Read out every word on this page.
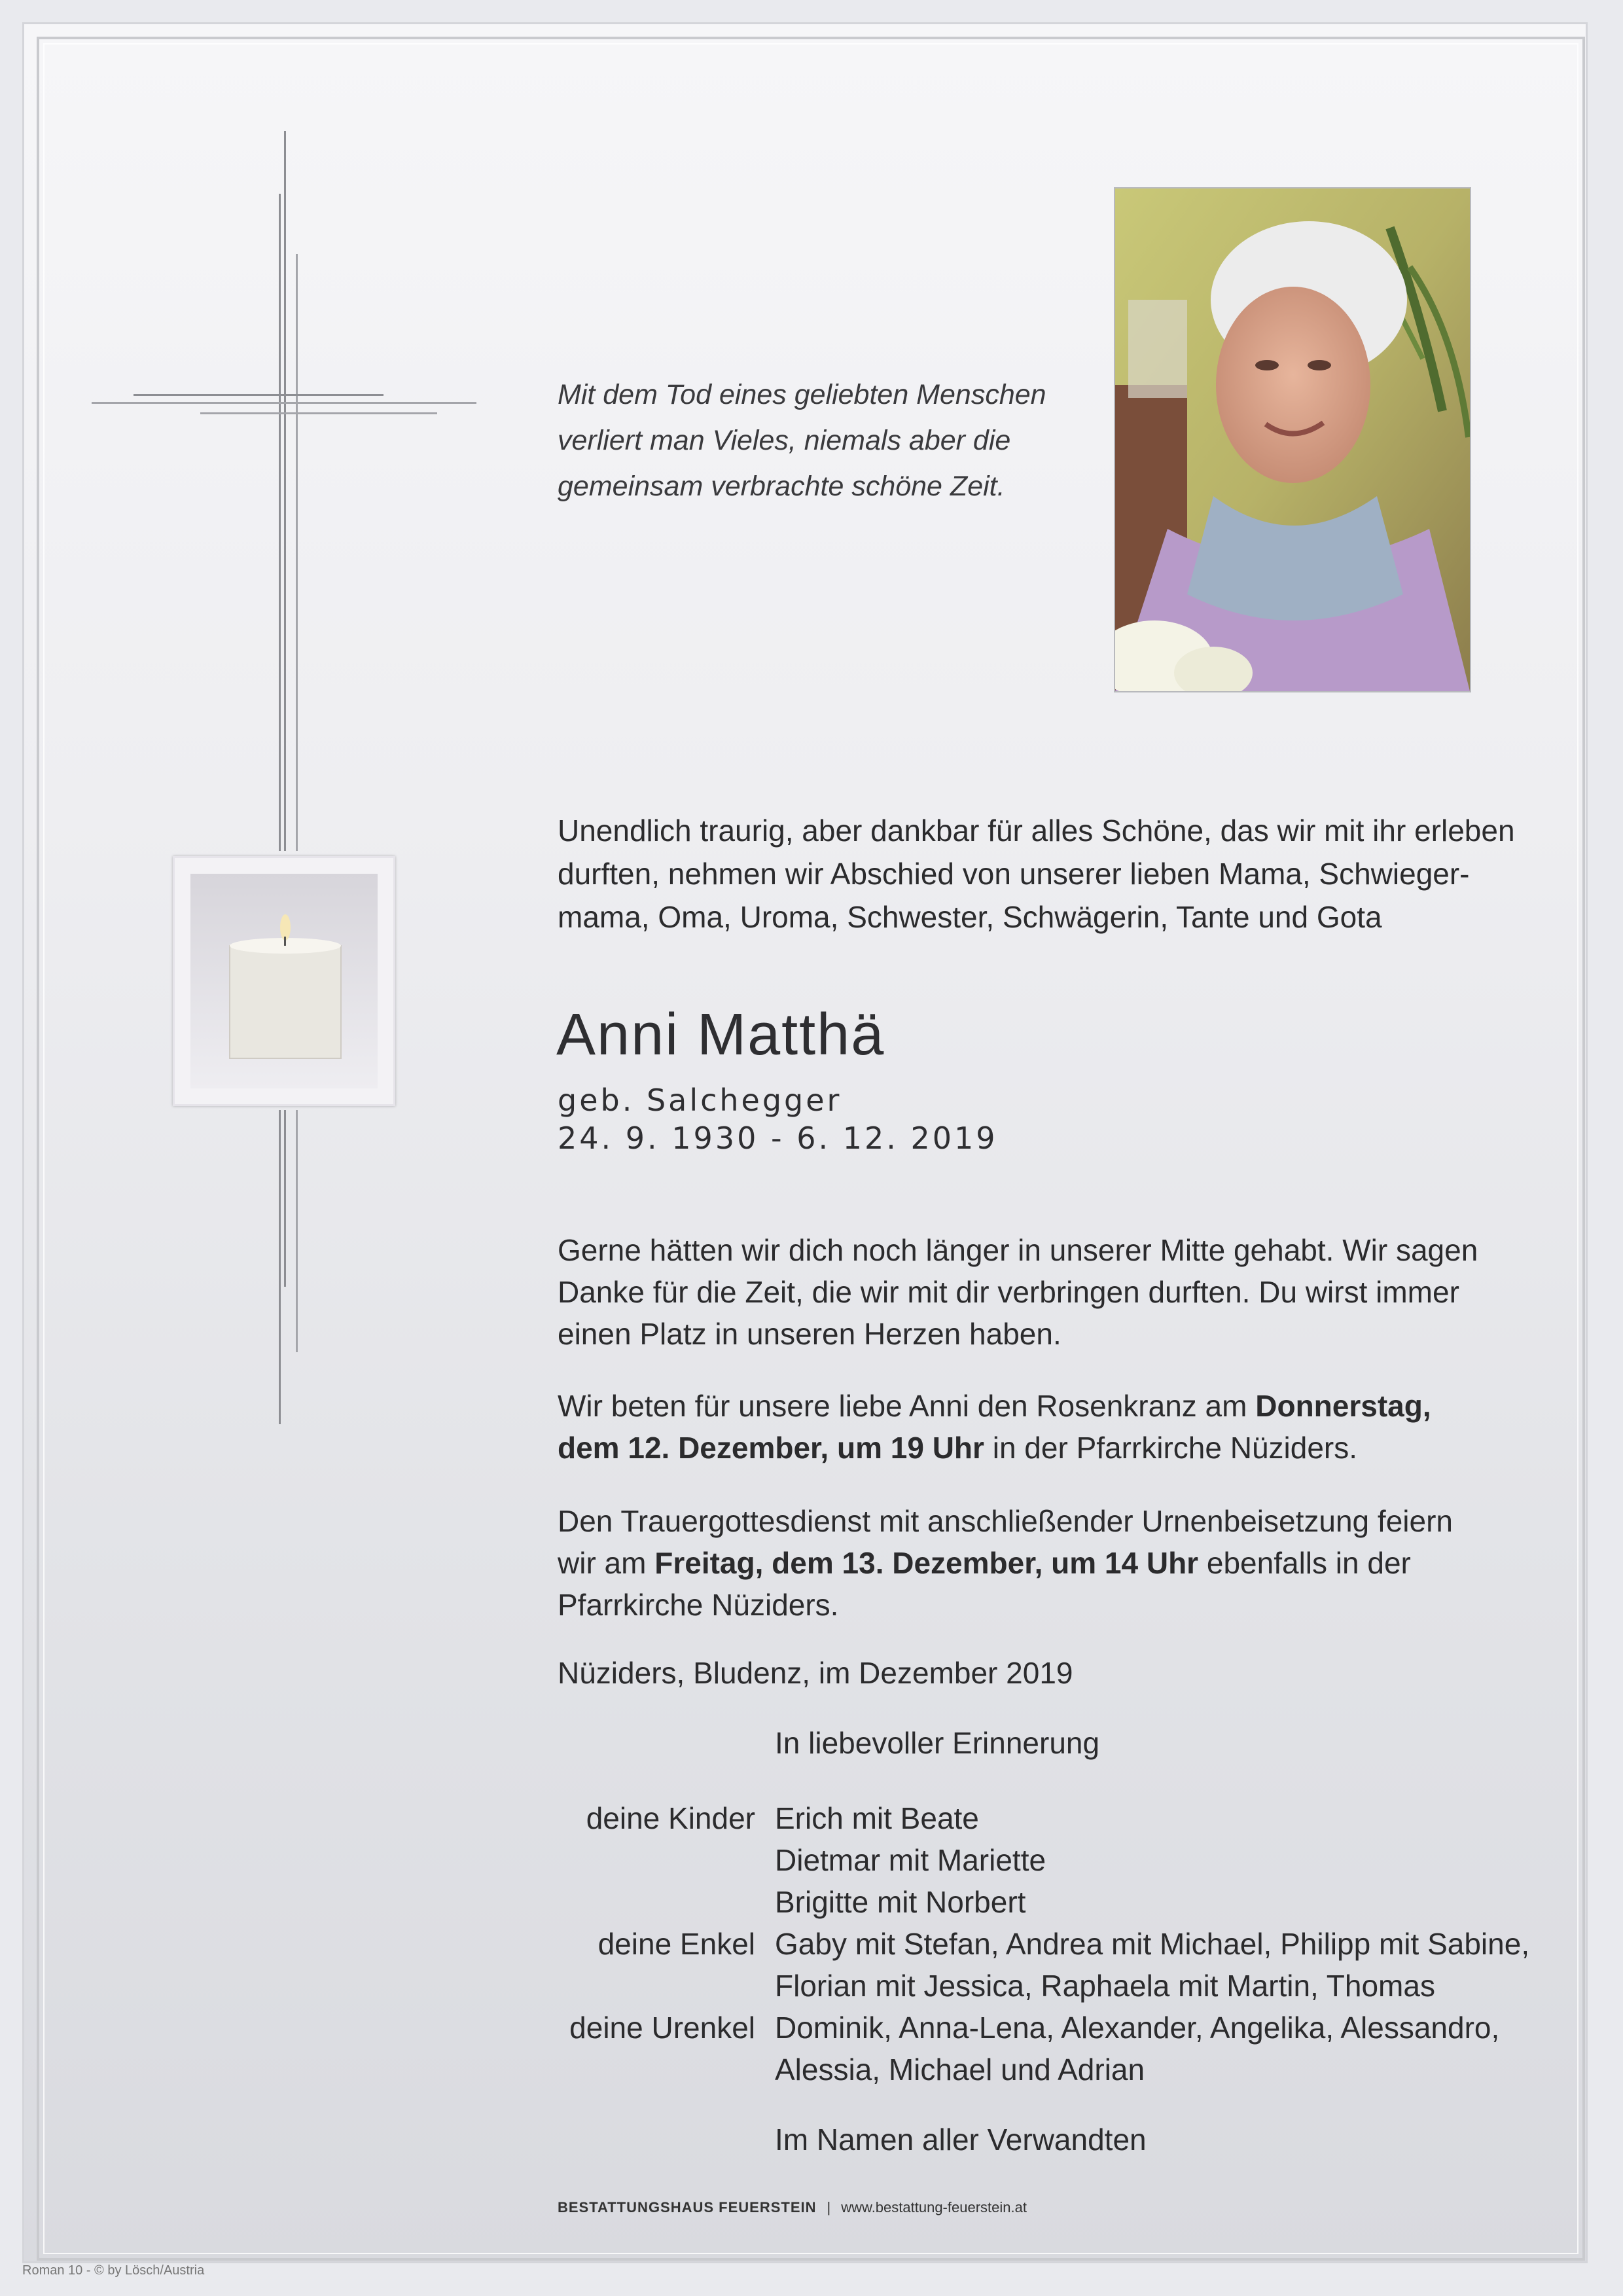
Mit dem Tod eines geliebten Menschen
verliert man Vieles, niemals aber die
gemeinsam verbrachte schöne Zeit.
Unendlich traurig, aber dankbar für alles Schöne, das wir mit ihr erleben
durften, nehmen wir Abschied von unserer lieben Mama, Schwieger-
mama, Oma, Uroma, Schwester, Schwägerin, Tante und Gota
Anni Matthä
geb. Salchegger
24. 9. 1930 - 6. 12. 2019
Gerne hätten wir dich noch länger in unserer Mitte gehabt. Wir sagen
Danke für die Zeit, die wir mit dir verbringen durften. Du wirst immer
einen Platz in unseren Herzen haben.
Wir beten für unsere liebe Anni den Rosenkranz am Donnerstag,
dem 12. Dezember, um 19 Uhr in der Pfarrkirche Nüziders.
Den Trauergottesdienst mit anschließender Urnenbeisetzung feiern
wir am Freitag, dem 13. Dezember, um 14 Uhr ebenfalls in der
Pfarrkirche Nüziders.
Nüziders, Bludenz, im Dezember 2019
In liebevoller Erinnerung
deine Kinder Erich mit Beate
Dietmar mit Mariette
Brigitte mit Norbert
deine Enkel Gaby mit Stefan, Andrea mit Michael, Philipp mit Sabine,
Florian mit Jessica, Raphaela mit Martin, Thomas
deine Urenkel Dominik, Anna-Lena, Alexander, Angelika, Alessandro,
Alessia, Michael und Adrian
Im Namen aller Verwandten
BESTATTUNGSHAUS FEUERSTEIN | www.bestattung-feuerstein.at
Roman 10 - © by Lösch/Austria
